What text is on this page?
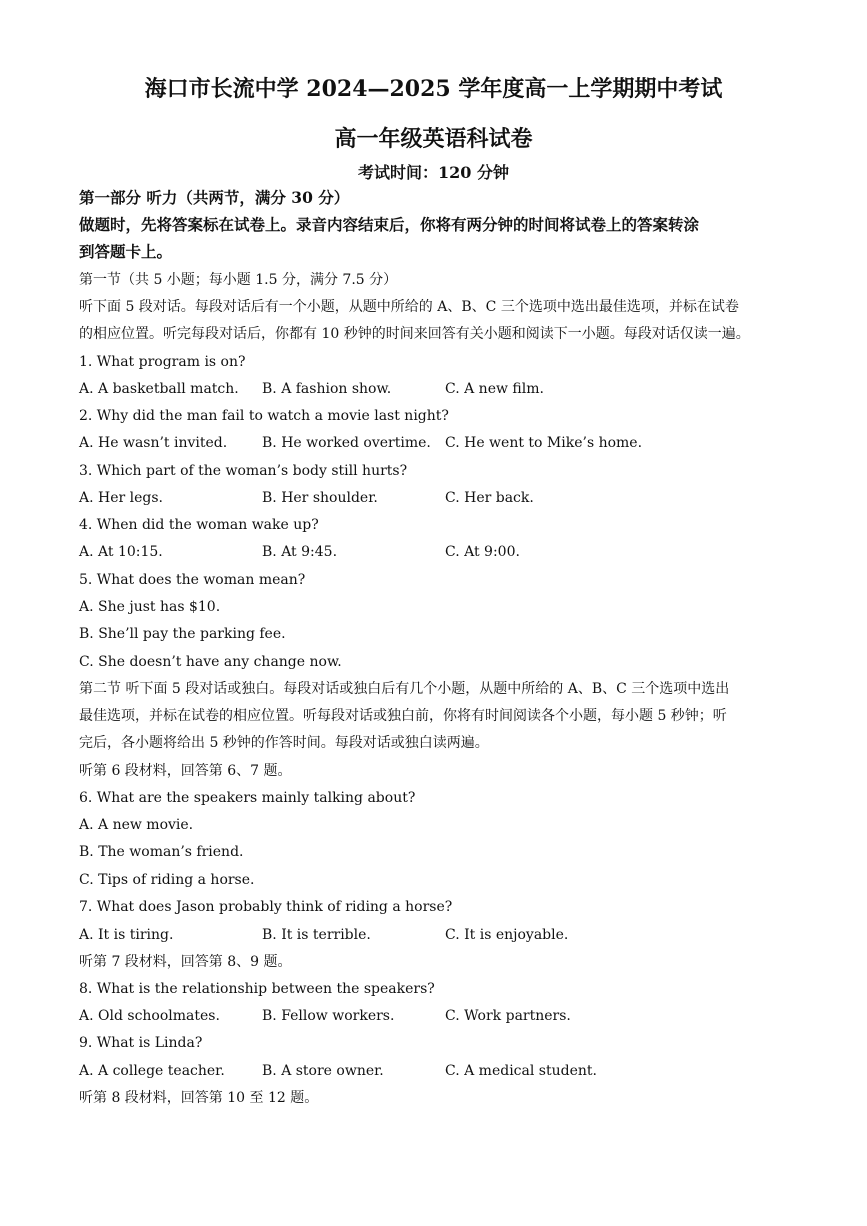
海口市长流中学 2024—2025 学年度高一上学期期中考试
高一年级英语科试卷
考试时间：120 分钟
第一部分 听力（共两节，满分 30 分）
做题时，先将答案标在试卷上。录音内容结束后，你将有两分钟的时间将试卷上的答案转涂
到答题卡上。
第一节（共 5 小题；每小题 1.5 分，满分 7.5 分）
听下面 5 段对话。每段对话后有一个小题，从题中所给的 A、B、C 三个选项中选出最佳选项，并标在试卷
的相应位置。听完每段对话后，你都有 10 秒钟的时间来回答有关小题和阅读下一小题。每段对话仅读一遍。
1. What program is on?
A. A basketball match. B. A fashion show.	C. A new film.
2. Why did the man fail to watch a movie last night?
A. He wasn’t invited. B. He worked overtime. C. He went to Mike’s home.
3. Which part of the woman’s body still hurts?
A. Her legs.	B. Her shoulder.	C. Her back.
4. When did the woman wake up?
A. At 10:15.	B. At 9:45.	C. At 9:00.
5. What does the woman mean?
A. She just has $10.
B. She’ll pay the parking fee.
C. She doesn’t have any change now.
第二节 听下面 5 段对话或独白。每段对话或独白后有几个小题，从题中所给的 A、B、C 三个选项中选出
最佳选项，并标在试卷的相应位置。听每段对话或独白前，你将有时间阅读各个小题，每小题 5 秒钟；听
完后，各小题将给出 5 秒钟的作答时间。每段对话或独白读两遍。
听第 6 段材料，回答第 6、7 题。
6. What are the speakers mainly talking about?
A. A new movie.
B. The woman’s friend.
C. Tips of riding a horse.
7. What does Jason probably think of riding a horse?
A. It is tiring.	B. It is terrible.	C. It is enjoyable.
听第 7 段材料，回答第 8、9 题。
8. What is the relationship between the speakers?
A. Old schoolmates.	B. Fellow workers.	C. Work partners.
9. What is Linda?
A. A college teacher.	B. A store owner.	C. A medical student.
听第 8 段材料，回答第 10 至 12 题。
